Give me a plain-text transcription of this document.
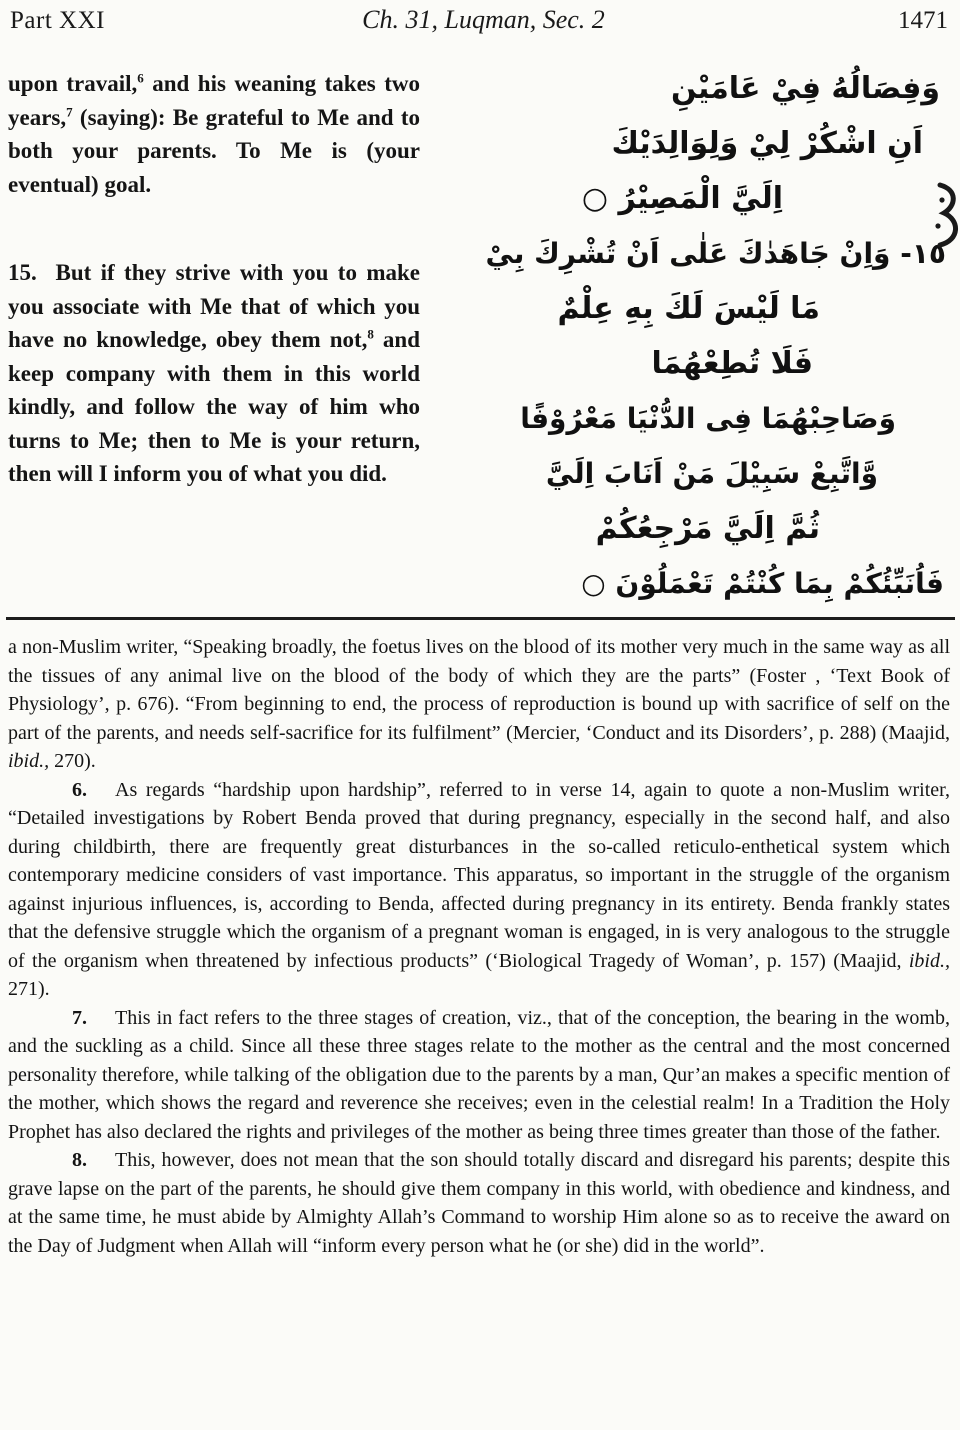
Part XXI	Ch. 31, Luqman, Sec. 2	1471

upon travail,$^6$ and his weaning takes two years,$^7$ (saying): Be grateful to Me and to both your parents. To Me is (your eventual) goal.

15.  But if they strive with you to make you associate with Me that of which you have no knowledge, obey them not,$^8$ and keep company with them in this world kindly, and follow the way of him who turns to Me; then to Me is your return, then will I inform you of what you did.

وَفِصَالُهُ فِيْ عَامَيْنِ
اَنِ اشْكُرْ لِيْ وَلِوَالِدَيْكَ
اِلَيَّ الْمَصِيْرُ ○
١٥- وَاِنْ جَاهَدٰكَ عَلٰى اَنْ تُشْرِكَ بِيْ
مَا لَيْسَ لَكَ بِهِ عِلْمٌ
فَلَا تُطِعْهُمَا
وَصَاحِبْهُمَا فِى الدُّنْيَا مَعْرُوْفًا
وَّاتَّبِعْ سَبِيْلَ مَنْ اَنَابَ اِلَيَّ
ثُمَّ اِلَيَّ مَرْجِعُكُمْ
فَاُنَبِّئُكُمْ بِمَا كُنْتُمْ تَعْمَلُوْنَ ○

a non-Muslim writer, “Speaking broadly, the foetus lives on the blood of its mother very much in the same way as all the tissues of any animal live on the blood of the body of which they are the parts” (Foster , ‘Text Book of Physiology’, p. 676). “From beginning to end, the process of reproduction is bound up with sacrifice of self on the part of the parents, and needs self-sacrifice for its fulfilment” (Mercier, ‘Conduct and its Disorders’, p. 288) (Maajid, ibid., 270).

6. As regards “hardship upon hardship”, referred to in verse 14, again to quote a non-Muslim writer, “Detailed investigations by Robert Benda proved that during pregnancy, especially in the second half, and also during childbirth, there are frequently great disturbances in the so-called reticulo-enthetical system which contemporary medicine considers of vast importance. This apparatus, so important in the struggle of the organism against injurious influences, is, according to Benda, affected during pregnancy in its entirety. Benda frankly states that the defensive struggle which the organism of a pregnant woman is engaged, in is very analogous to the struggle of the organism when threatened by infectious products” (‘Biological Tragedy of Woman’, p. 157) (Maajid, ibid., 271).

7. This in fact refers to the three stages of creation, viz., that of the conception, the bearing in the womb, and the suckling as a child. Since all these three stages relate to the mother as the central and the most concerned personality therefore, while talking of the obligation due to the parents by a man, Qur’an makes a specific mention of the mother, which shows the regard and reverence she receives; even in the celestial realm! In a Tradition the Holy Prophet has also declared the rights and privileges of the mother as being three times greater than those of the father.

8. This, however, does not mean that the son should totally discard and disregard his parents; despite this grave lapse on the part of the parents, he should give them company in this world, with obedience and kindness, and at the same time, he must abide by Almighty Allah’s Command to worship Him alone so as to receive the award on the Day of Judgment when Allah will “inform every person what he (or she) did in the world”.
